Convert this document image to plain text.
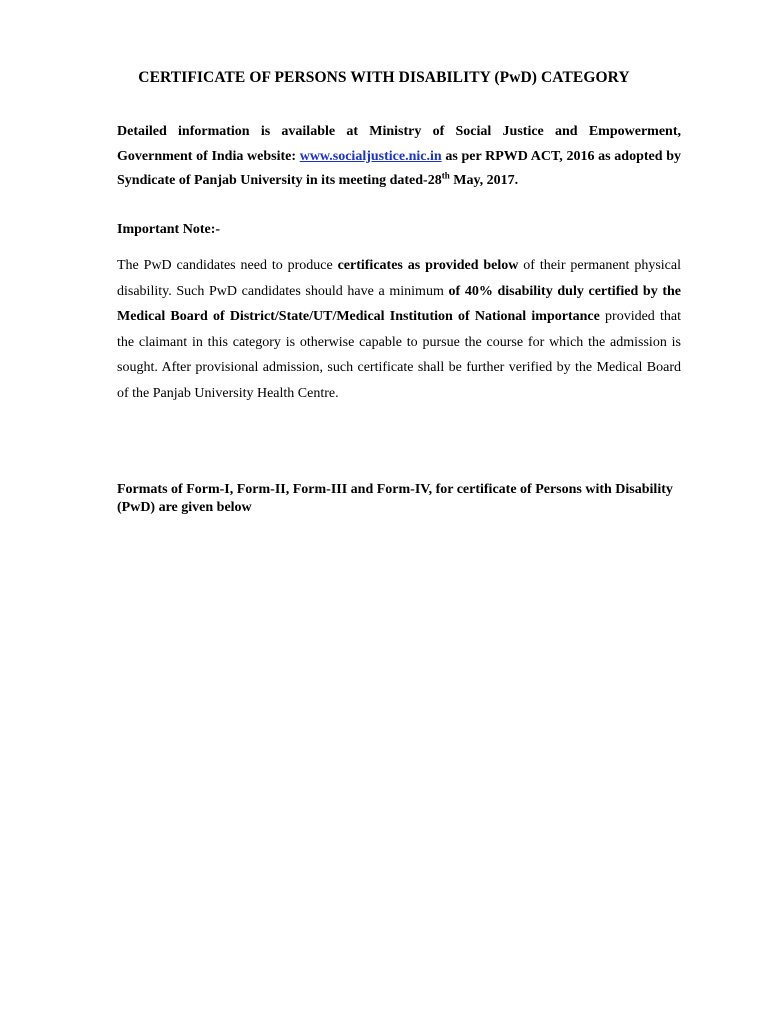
CERTIFICATE OF PERSONS WITH DISABILITY (PwD) CATEGORY
Detailed information is available at Ministry of Social Justice and Empowerment, Government of India website: www.socialjustice.nic.in as per RPWD ACT, 2016 as adopted by Syndicate of Panjab University in its meeting dated-28th May, 2017.
Important Note:-
The PwD candidates need to produce certificates as provided below of their permanent physical disability. Such PwD candidates should have a minimum of 40% disability duly certified by the Medical Board of District/State/UT/Medical Institution of National importance provided that the claimant in this category is otherwise capable to pursue the course for which the admission is sought. After provisional admission, such certificate shall be further verified by the Medical Board of the Panjab University Health Centre.
Formats of Form-I, Form-II, Form-III and Form-IV, for certificate of Persons with Disability (PwD) are given below
